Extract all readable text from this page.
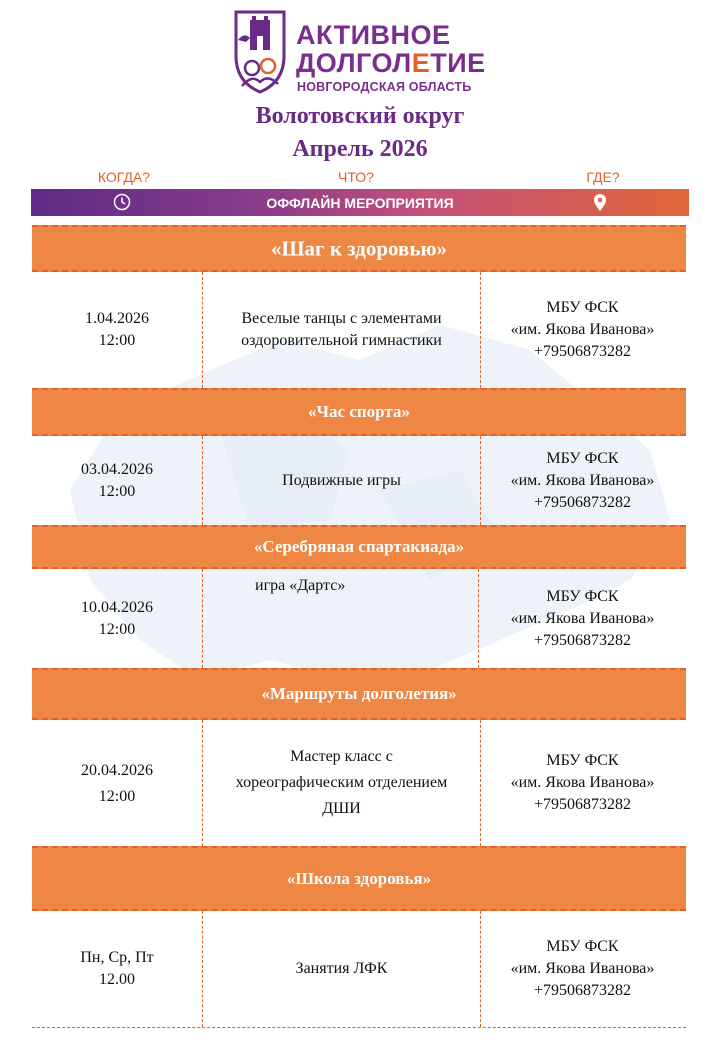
АКТИВНОЕ
ДОЛГОЛЕТИЕ
НОВГОРОДСКАЯ ОБЛАСТЬ
Волотовский округ
Апрель 2026
КОГДА?	ЧТО?	ГДЕ?
ОФФЛАЙН МЕРОПРИЯТИЯ
«Шаг к здоровью»
1.04.2026
12:00
Веселые танцы с элементами
оздоровительной гимнастики
МБУ ФСК
«им. Якова Иванова»
+79506873282
«Час спорта»
03.04.2026
12:00
Подвижные игры
МБУ ФСК
«им. Якова Иванова»
+79506873282
«Серебряная спартакиада»
10.04.2026
12:00
игра «Дартс»
МБУ ФСК
«им. Якова Иванова»
+79506873282
«Маршруты долголетия»
20.04.2026

12:00
Мастер класс с
хореографическим отделением
ДШИ
МБУ ФСК
«им. Якова Иванова»
+79506873282
«Школа здоровья»
Пн, Ср, Пт
12.00
Занятия ЛФК
МБУ ФСК
«им. Якова Иванова»
+79506873282
